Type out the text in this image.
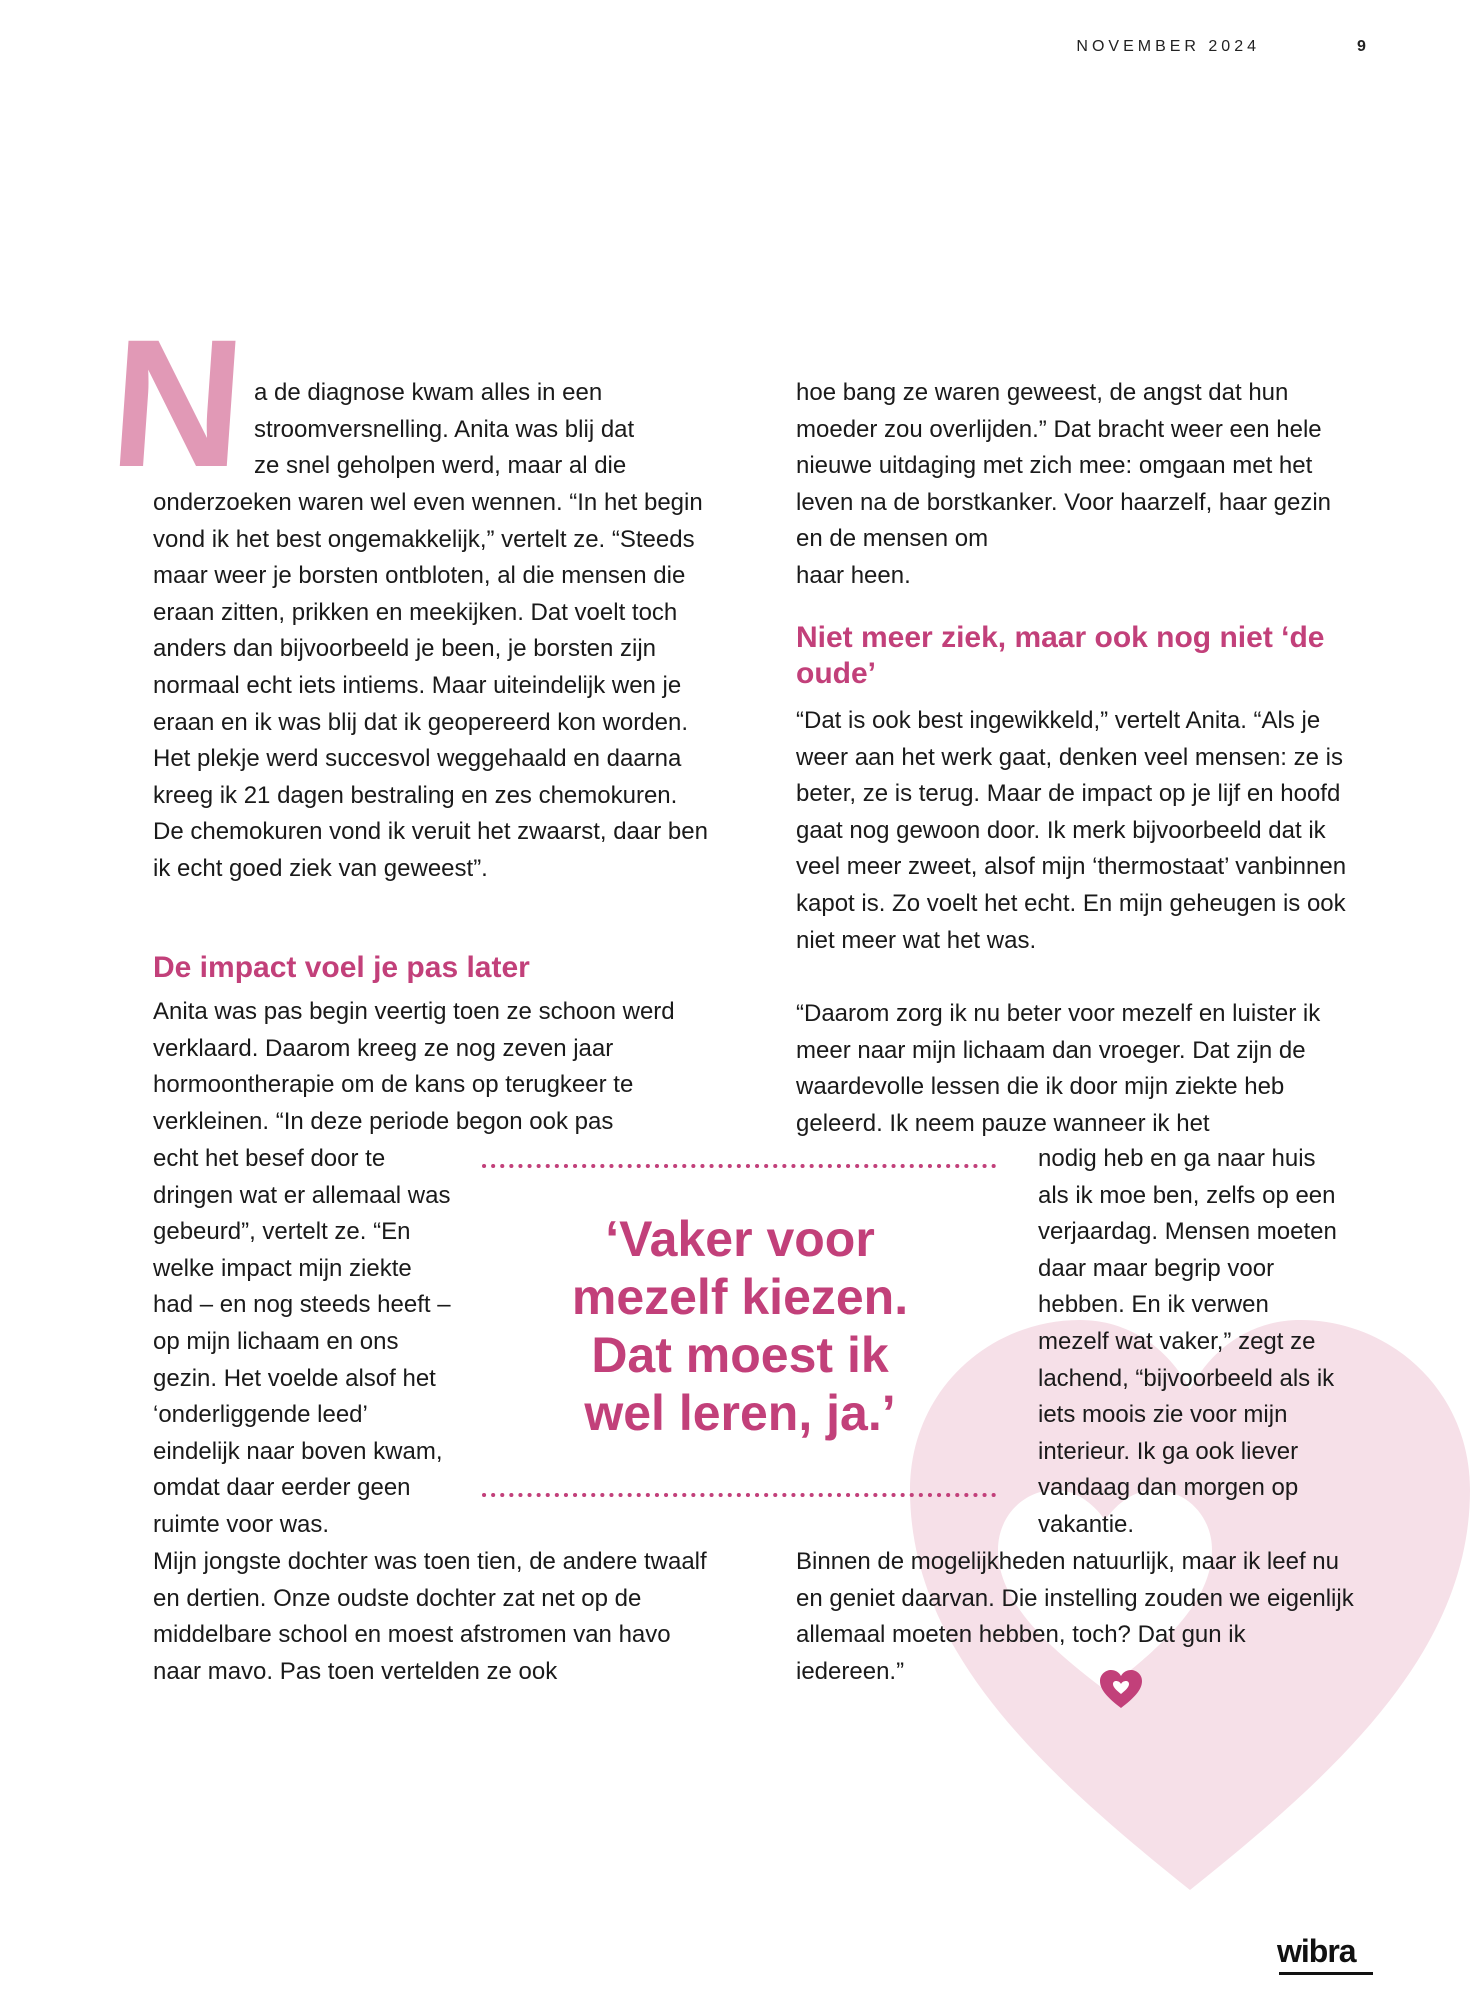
NOVEMBER 2024	9
N a de diagnose kwam alles in een
stroomversnelling. Anita was blij dat
ze snel geholpen werd, maar al die

onderzoeken waren wel even wennen. “In het begin vond ik het best ongemakkelijk,” vertelt ze. “Steeds maar weer je borsten ontbloten, al die mensen die eraan zitten, prikken en meekijken. Dat voelt toch anders dan bijvoorbeeld je been, je borsten zijn normaal echt iets intiems. Maar uiteindelijk wen je eraan en ik was blij dat ik geopereerd kon worden. Het plekje werd succesvol weggehaald en daarna kreeg ik 21 dagen bestraling en zes chemokuren. De chemokuren vond ik veruit het zwaarst, daar ben ik echt goed ziek van geweest”.

De impact voel je pas later

Anita was pas begin veertig toen ze schoon werd verklaard. Daarom kreeg ze nog zeven jaar hormoontherapie om de kans op terugkeer te verkleinen. “In deze periode begon ook pas

echt het besef door te dringen wat er allemaal was gebeurd”, vertelt ze. “En welke impact mijn ziekte had – en nog steeds heeft – op mijn lichaam en ons gezin. Het voelde alsof het ‘onderliggende leed’ eindelijk naar boven kwam, omdat daar eerder geen ruimte voor was.

Mijn jongste dochter was toen tien, de andere twaalf en dertien. Onze oudste dochter zat net op de middelbare school en moest afstromen van havo naar mavo. Pas toen vertelden ze ook

hoe bang ze waren geweest, de angst dat hun moeder zou overlijden.” Dat bracht weer een hele nieuwe uitdaging met zich mee: omgaan met het leven na de borstkanker. Voor haarzelf, haar gezin en de mensen om
haar heen.

Niet meer ziek, maar ook nog niet ‘de oude’

“Dat is ook best ingewikkeld,” vertelt Anita. “Als je weer aan het werk gaat, denken veel mensen: ze is beter, ze is terug. Maar de impact op je lijf en hoofd gaat nog gewoon door. Ik merk bijvoorbeeld dat ik veel meer zweet, alsof mijn ‘thermostaat’ vanbinnen kapot is. Zo voelt het echt. En mijn geheugen is ook niet meer wat het was.

“Daarom zorg ik nu beter voor mezelf en luister ik meer naar mijn lichaam dan vroeger. Dat zijn de waardevolle lessen die ik door mijn ziekte heb geleerd. Ik neem pauze wanneer ik het

nodig heb en ga naar huis als ik moe ben, zelfs op een verjaardag. Mensen moeten daar maar begrip voor hebben. En ik verwen mezelf wat vaker,” zegt ze lachend, “bijvoorbeeld als ik iets moois zie voor mijn interieur. Ik ga ook liever vandaag dan morgen op vakantie.

Binnen de mogelijkheden natuurlijk, maar ik leef nu en geniet daarvan. Die instelling zouden we eigenlijk allemaal moeten hebben, toch? Dat gun ik iedereen.”

‘Vaker voor
mezelf kiezen.
Dat moest ik
wel leren, ja.’

wibra
